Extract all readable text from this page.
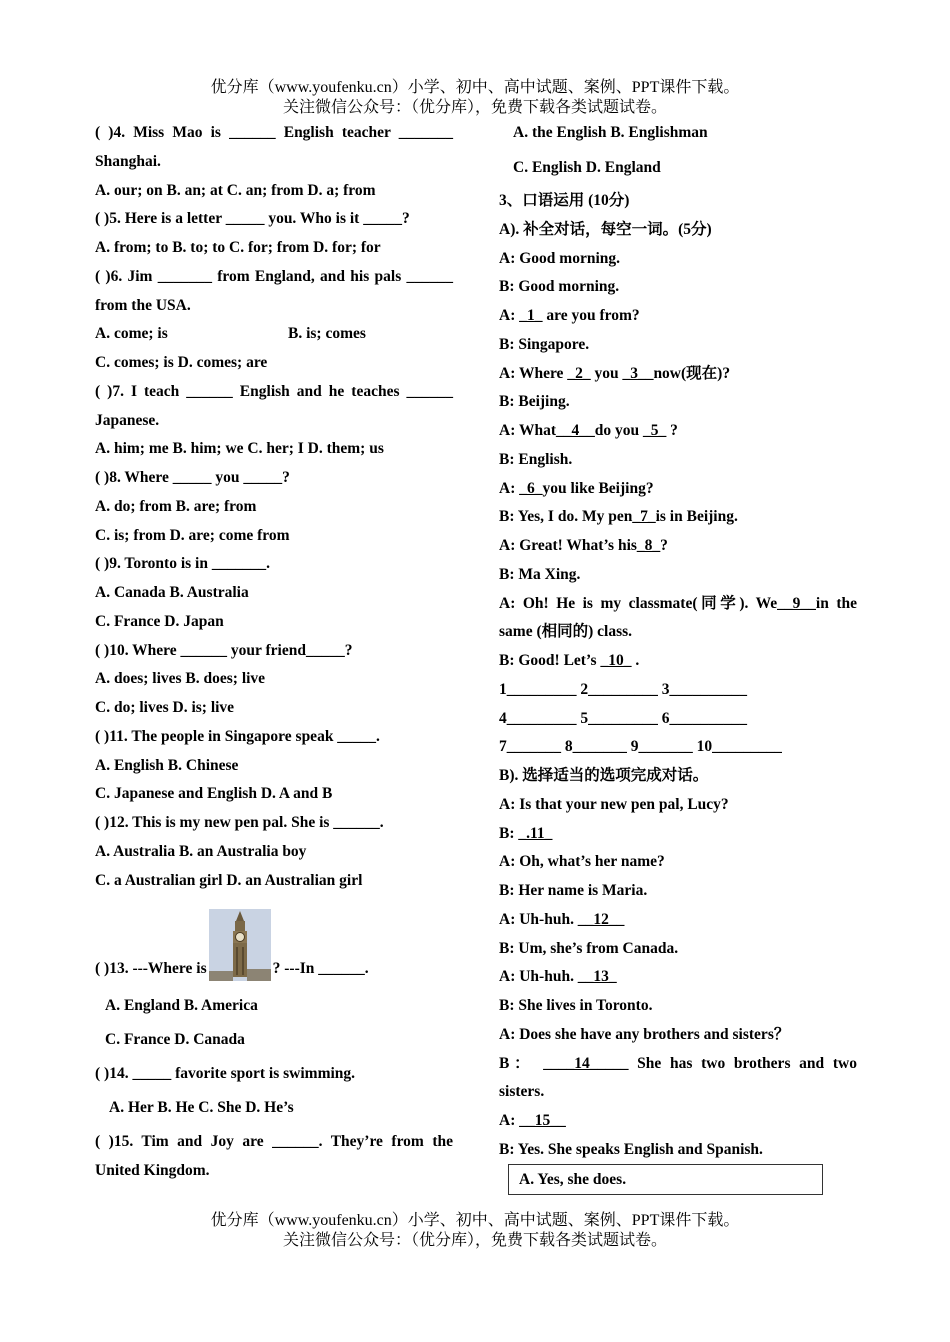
优分库（www.youfenku.cn）小学、初中、高中试题、案例、PPT课件下载。
关注微信公众号：（优分库），免费下载各类试题试卷。
( )4. Miss Mao is ______ English teacher _______ Shanghai.
A. our; on B. an; at C. an; from D. a; from
( )5. Here is a letter _____ you. Who is it _____?
A. from; to B. to; to C. for; from D. for; for
( )6. Jim _______ from England, and his pals ______ from the USA.
A. come; is	B. is; comes
C. comes; is D. comes; are
( )7. I teach ______ English and he teaches ______ Japanese.
A. him; me B. him; we C. her; I D. them; us
( )8. Where _____ you _____?
A. do; from B. are; from
C. is; from D. are; come from
( )9. Toronto is in _______.
A. Canada B. Australia
C. France D. Japan
( )10. Where ______ your friend_____?
A. does; lives B. does; live
C. do; lives D. is; live
( )11. The people in Singapore speak _____.
A. English B. Chinese
C. Japanese and English D. A and B
( )12. This is my new pen pal. She is ______.
A. Australia B. an Australia boy
C. a Australian girl D. an Australian girl
( )13. ---Where is	? ---In ______.
A. England B. America
C. France D. Canada
( )14. _____ favorite sport is swimming.
A. Her B. He C. She D. He’s
( )15. Tim and Joy are ______. They’re from the United Kingdom.
A. the English B. Englishman
C. English D. England
3、口语运用 (10分)
A). 补全对话，每空一词。(5分)
A: Good morning.
B: Good morning.
A: _1_ are you from?
B: Singapore.
A: Where _2_ you _3__now(现在)?
B: Beijing.
A: What__4__do you _5_ ?
B: English.
A: _6_you like Beijing?
B: Yes, I do. My pen_7_is in Beijing.
A: Great! What’s his_8_?
B: Ma Xing.
A: Oh! He is my classmate(同学). We__9__in the same (相同的) class.
B: Good! Let’s _10_ .
1_________ 2_________ 3__________
4_________ 5_________ 6__________
7_______ 8_______ 9_______ 10_________
B). 选择适当的选项完成对话。
A: Is that your new pen pal, Lucy?
B: _.11_
A: Oh, what’s her name?
B: Her name is Maria.
A: Uh-huh. __12__
B: Um, she’s from Canada.
A: Uh-huh. __13_
B: She lives in Toronto.
A: Does she have any brothers and sisters？
B： ____14_____ She has two brothers and two sisters.
A: __15__
B: Yes. She speaks English and Spanish.
A. Yes, she does.
优分库（www.youfenku.cn）小学、初中、高中试题、案例、PPT课件下载。
关注微信公众号：（优分库），免费下载各类试题试卷。
